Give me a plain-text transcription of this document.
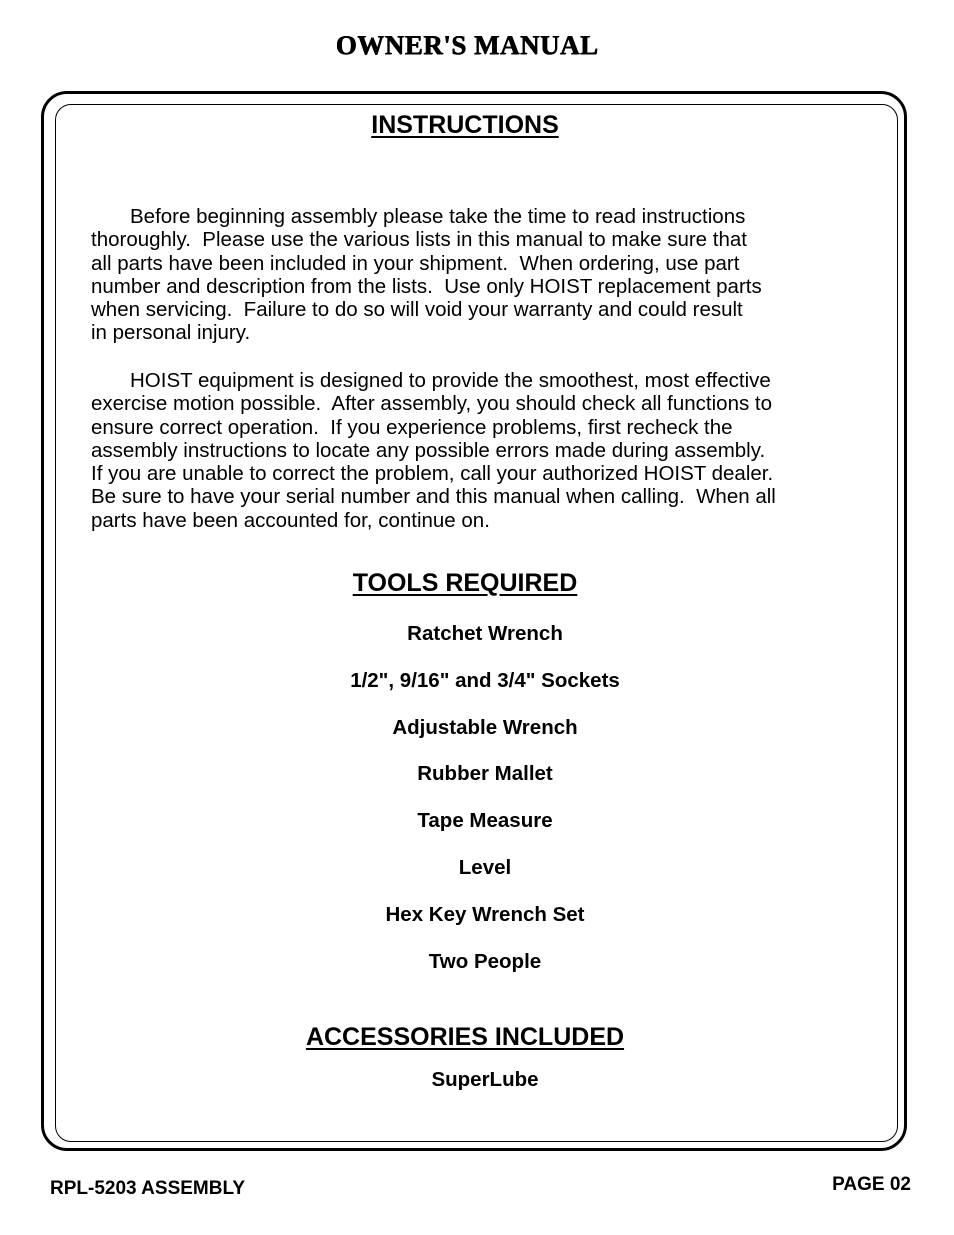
OWNER'S MANUAL
INSTRUCTIONS
Before beginning assembly please take the time to read instructions
thoroughly.  Please use the various lists in this manual to make sure that
all parts have been included in your shipment.  When ordering, use part
number and description from the lists.  Use only HOIST replacement parts
when servicing.  Failure to do so will void your warranty and could result
in personal injury.
HOIST equipment is designed to provide the smoothest, most effective
exercise motion possible.  After assembly, you should check all functions to
ensure correct operation.  If you experience problems, first recheck the
assembly instructions to locate any possible errors made during assembly.
If you are unable to correct the problem, call your authorized HOIST dealer.
Be sure to have your serial number and this manual when calling.  When all
parts have been accounted for, continue on.
TOOLS REQUIRED
Ratchet Wrench
1/2", 9/16" and 3/4" Sockets
Adjustable Wrench
Rubber Mallet
Tape Measure
Level
Hex Key Wrench Set
Two People
ACCESSORIES INCLUDED
SuperLube
RPL-5203 ASSEMBLY	PAGE 02
